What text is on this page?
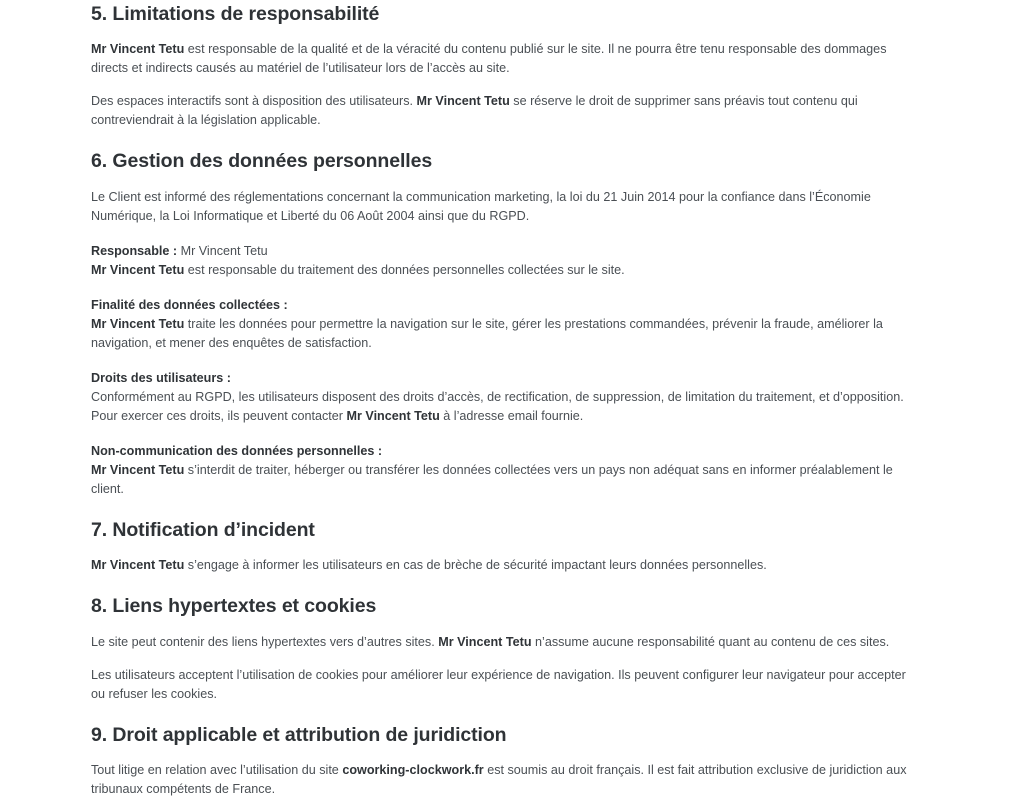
5. Limitations de responsabilité

Mr Vincent Tetu est responsable de la qualité et de la véracité du contenu publié sur le site. Il ne pourra être tenu responsable des dommages directs et indirects causés au matériel de l’utilisateur lors de l’accès au site.

Des espaces interactifs sont à disposition des utilisateurs. Mr Vincent Tetu se réserve le droit de supprimer sans préavis tout contenu qui contreviendrait à la législation applicable.

6. Gestion des données personnelles

Le Client est informé des réglementations concernant la communication marketing, la loi du 21 Juin 2014 pour la confiance dans l’Économie Numérique, la Loi Informatique et Liberté du 06 Août 2004 ainsi que du RGPD.

Responsable : Mr Vincent Tetu
Mr Vincent Tetu est responsable du traitement des données personnelles collectées sur le site.

Finalité des données collectées :
Mr Vincent Tetu traite les données pour permettre la navigation sur le site, gérer les prestations commandées, prévenir la fraude, améliorer la navigation, et mener des enquêtes de satisfaction.

Droits des utilisateurs :
Conformément au RGPD, les utilisateurs disposent des droits d’accès, de rectification, de suppression, de limitation du traitement, et d’opposition. Pour exercer ces droits, ils peuvent contacter Mr Vincent Tetu à l’adresse email fournie.

Non-communication des données personnelles :
Mr Vincent Tetu s’interdit de traiter, héberger ou transférer les données collectées vers un pays non adéquat sans en informer préalablement le client.

7. Notification d’incident

Mr Vincent Tetu s’engage à informer les utilisateurs en cas de brèche de sécurité impactant leurs données personnelles.

8. Liens hypertextes et cookies

Le site peut contenir des liens hypertextes vers d’autres sites. Mr Vincent Tetu n’assume aucune responsabilité quant au contenu de ces sites.

Les utilisateurs acceptent l’utilisation de cookies pour améliorer leur expérience de navigation. Ils peuvent configurer leur navigateur pour accepter ou refuser les cookies.

9. Droit applicable et attribution de juridiction

Tout litige en relation avec l’utilisation du site coworking-clockwork.fr est soumis au droit français. Il est fait attribution exclusive de juridiction aux tribunaux compétents de France.
